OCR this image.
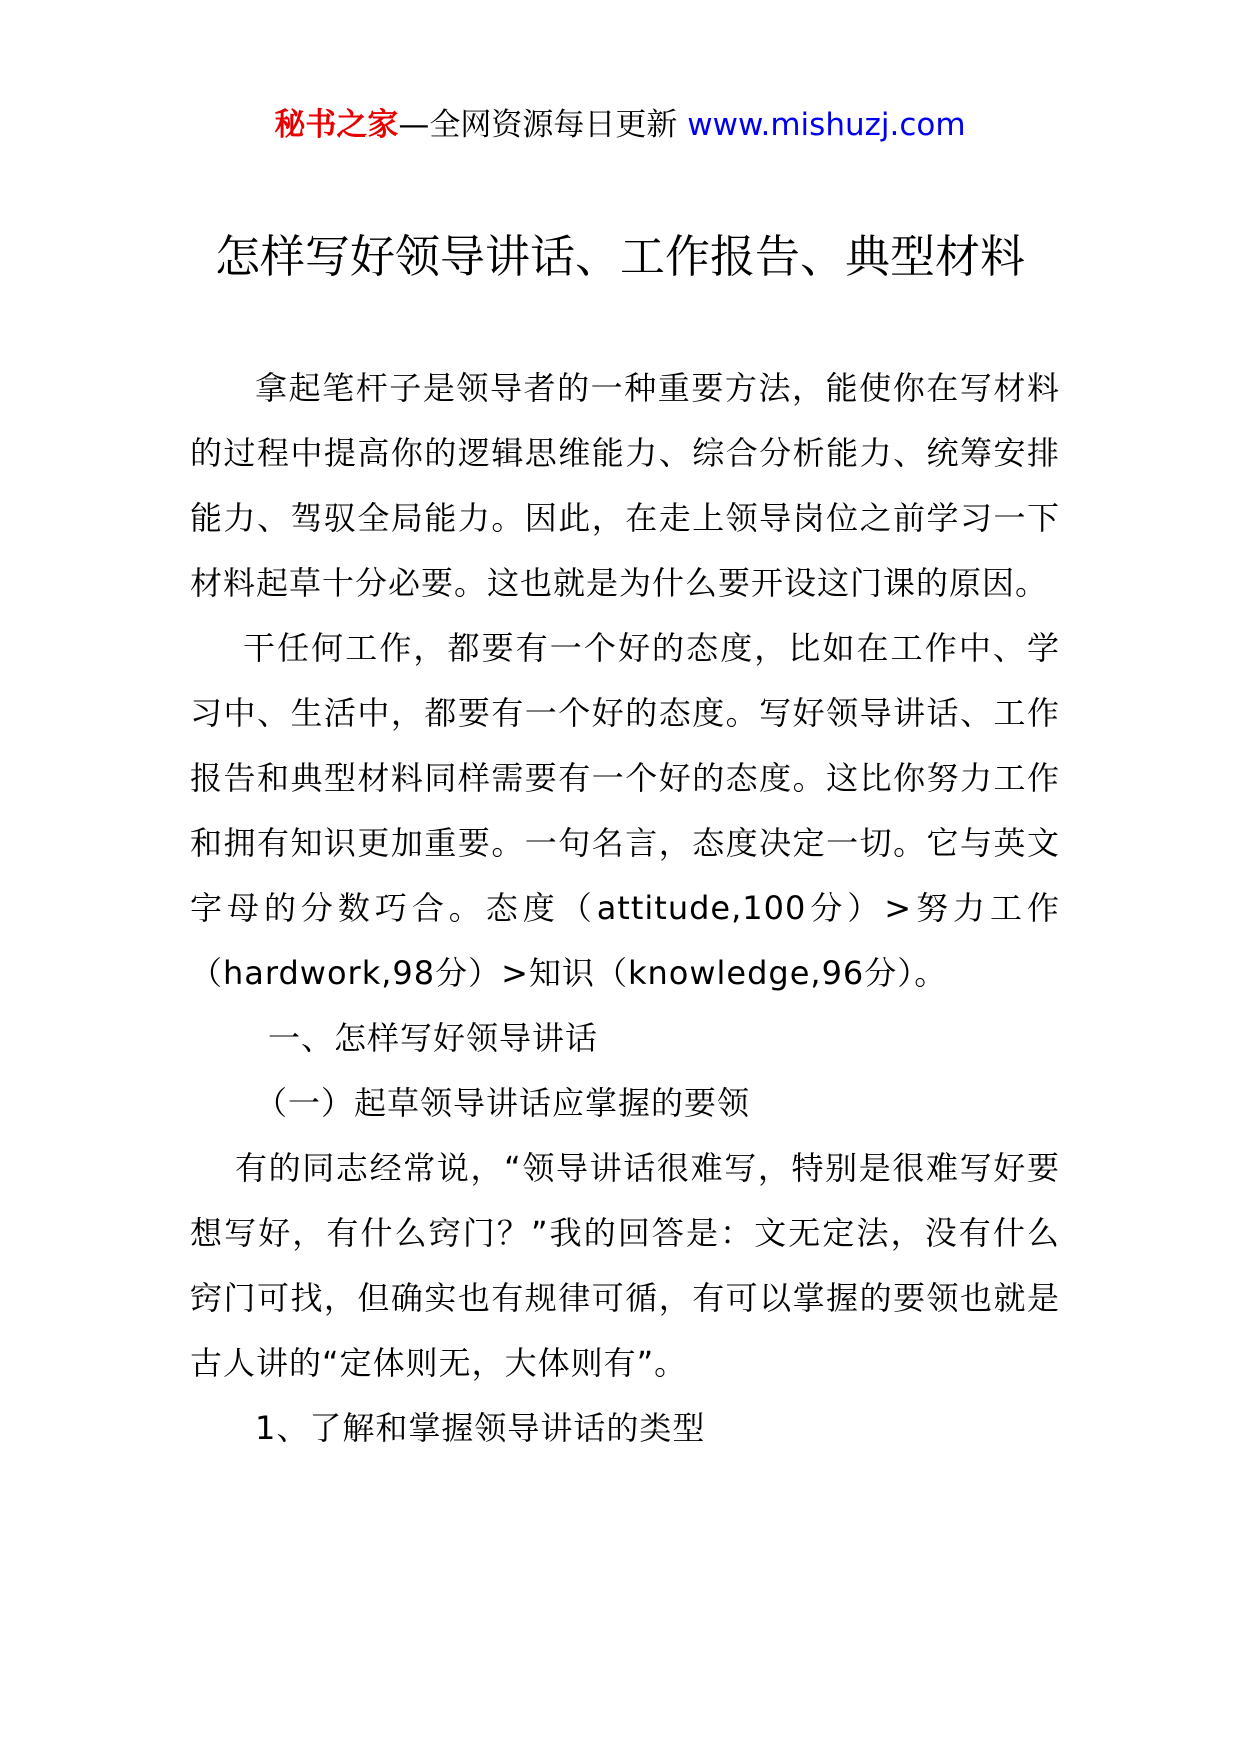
秘书之家—全网资源每日更新 www.mishuzj.com
怎样写好领导讲话、工作报告、典型材料

拿起笔杆子是领导者的一种重要方法，能使你在写材料的过程中提高你的逻辑思维能力、综合分析能力、统筹安排能力、驾驭全局能力。因此，在走上领导岗位之前学习一下材料起草十分必要。这也就是为什么要开设这门课的原因。

干任何工作，都要有一个好的态度，比如在工作中、学习中、生活中，都要有一个好的态度。写好领导讲话、工作报告和典型材料同样需要有一个好的态度。这比你努力工作和拥有知识更加重要。一句名言，态度决定一切。它与英文字母的分数巧合。态度（attitude,100分）>努力工作（hardwork,98分）>知识（knowledge,96分）。

一、怎样写好领导讲话

（一）起草领导讲话应掌握的要领

有的同志经常说，“领导讲话很难写，特别是很难写好要想写好，有什么窍门？”我的回答是：文无定法，没有什么窍门可找，但确实也有规律可循，有可以掌握的要领也就是古人讲的“定体则无，大体则有”。

1、了解和掌握领导讲话的类型
